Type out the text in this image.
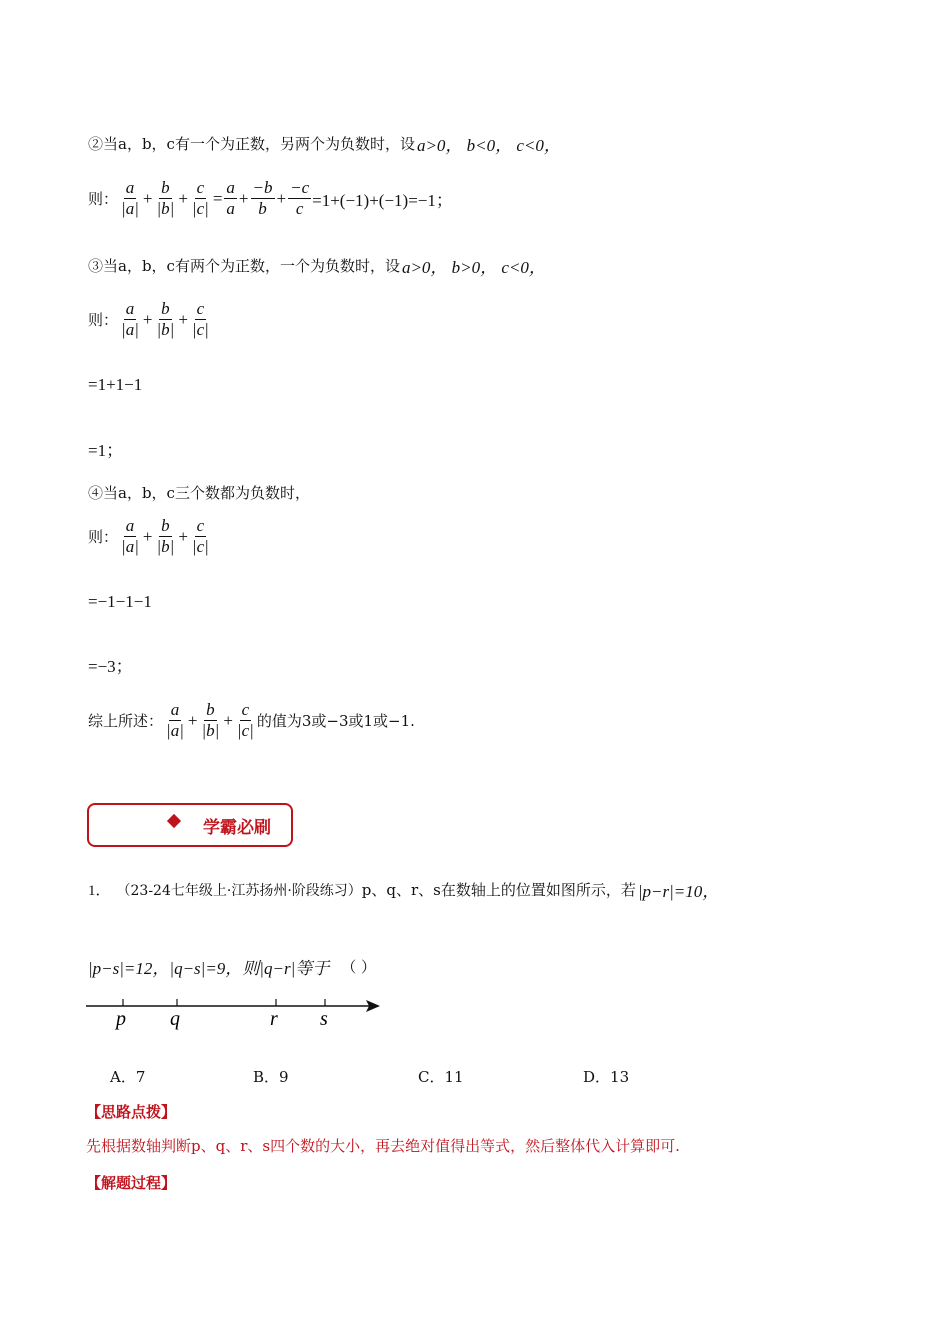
②当a，b，c有一个为正数，另两个为负数时，设 a>0， b<0， c<0，
则： $\frac{a}{|a|} + \frac{b}{|b|} + \frac{c}{|c|} = \frac{a}{a} + \frac{-b}{b} + \frac{-c}{c} =1+(-1)+(-1)=-1$；
③当a，b，c有两个为正数，一个为负数时，设 a>0， b>0， c<0，
则： $\frac{a}{|a|} + \frac{b}{|b|} + \frac{c}{|c|}$
=1+1−1
=1；
④当a，b，c三个数都为负数时，
则： $\frac{a}{|a|} + \frac{b}{|b|} + \frac{c}{|c|}$
=−1−1−1
=−3；
综上所述： $\frac{a}{|a|} + \frac{b}{|b|} + \frac{c}{|c|}$ 的值为3或−3或1或−1.
学霸必刷
1． （23-24七年级上·江苏扬州·阶段练习） p、q、r、s在数轴上的位置如图所示，若 |p−r|=10，
|p−s|=12，|q−s|=9，则|q−r|等于 （ ）
p q	r s
A．7	B．9	C．11	D．13
【思路点拨】
先根据数轴判断p、q、r、s四个数的大小，再去绝对值得出等式，然后整体代入计算即可.
【解题过程】
